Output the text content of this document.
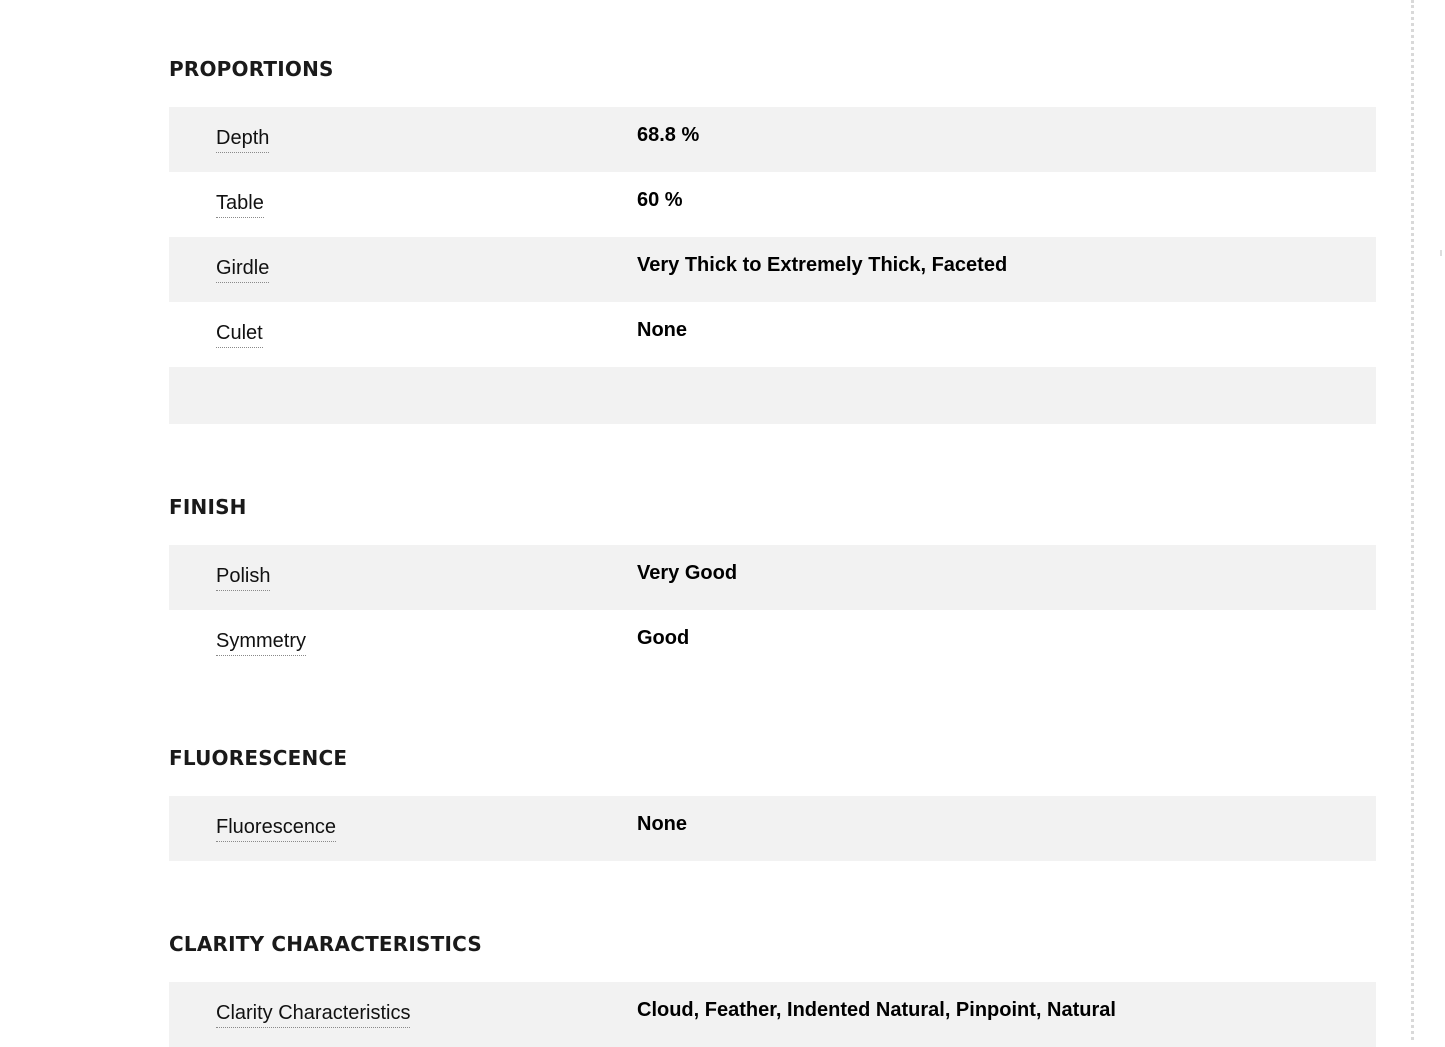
PROPORTIONS
Depth	68.8 %
Table	60 %
Girdle	Very Thick to Extremely Thick, Faceted
Culet	None
FINISH
Polish	Very Good
Symmetry	Good
FLUORESCENCE
Fluorescence	None
CLARITY CHARACTERISTICS
Clarity Characteristics	Cloud, Feather, Indented Natural, Pinpoint, Natural
